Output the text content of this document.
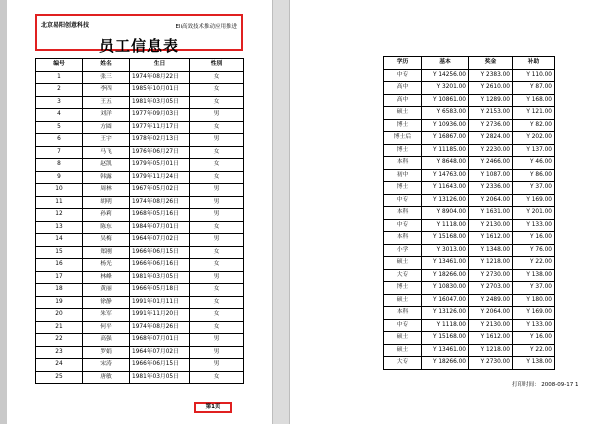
北京易阳创意科技	Eli高效技术推动应用推进
员工信息表
编号	姓名	生日	性别
1	张三	1974年08月22日	女
2	李四	1985年10月01日	女
3	王五	1981年03月05日	女
4	刘洋	1977年09月03日	男
5	方圆	1977年11月17日	女
6	王宇	1978年02月13日	男
7	马飞	1976年06月27日	女
8	赵凯	1979年05月01日	女
9	韩露	1979年11月24日	女
10	周林	1967年05月02日	男
11	胡明	1974年08月26日	男
12	孙莉	1968年05月16日	男
13	陈东	1984年07月01日	女
14	吴梅	1964年07月02日	男
15	郑刚	1966年06月15日	女
16	杨光	1966年06月16日	女
17	林峰	1981年03月05日	男
18	黄丽	1966年05月18日	女
19	徐静	1991年01月11日	女
20	朱军	1991年11月20日	女
21	何平	1974年08月26日	女
22	高强	1968年07月01日	男
23	罗娟	1964年07月02日	男
24	宋涛	1966年06月15日	男
25	唐敏	1981年03月05日	女
第1页
学历	基本	奖金	补助
中专	Y 14256.00	Y 2383.00	Y 110.00
高中	Y 3201.00	Y 2610.00	Y 87.00
高中	Y 10861.00	Y 1289.00	Y 168.00
硕士	Y 6583.00	Y 2153.00	Y 121.00
博士	Y 10936.00	Y 2736.00	Y 82.00
博士后	Y 16867.00	Y 2824.00	Y 202.00
博士	Y 11185.00	Y 2230.00	Y 137.00
本科	Y 8648.00	Y 2466.00	Y 46.00
初中	Y 14763.00	Y 1087.00	Y 86.00
博士	Y 11643.00	Y 2336.00	Y 37.00
中专	Y 13126.00	Y 2064.00	Y 169.00
本科	Y 8904.00	Y 1631.00	Y 201.00
中专	Y 1118.00	Y 2130.00	Y 133.00
本科	Y 15168.00	Y 1612.00	Y 16.00
小学	Y 3013.00	Y 1348.00	Y 76.00
硕士	Y 13461.00	Y 1218.00	Y 22.00
大专	Y 18266.00	Y 2730.00	Y 138.00
博士	Y 10830.00	Y 2703.00	Y 37.00
硕士	Y 16047.00	Y 2489.00	Y 180.00
本科	Y 13126.00	Y 2064.00	Y 169.00
中专	Y 1118.00	Y 2130.00	Y 133.00
硕士	Y 15168.00	Y 1612.00	Y 16.00
硕士	Y 13461.00	Y 1218.00	Y 22.00
大专	Y 18266.00	Y 2730.00	Y 138.00
打印时间： 2008-09-17 1
